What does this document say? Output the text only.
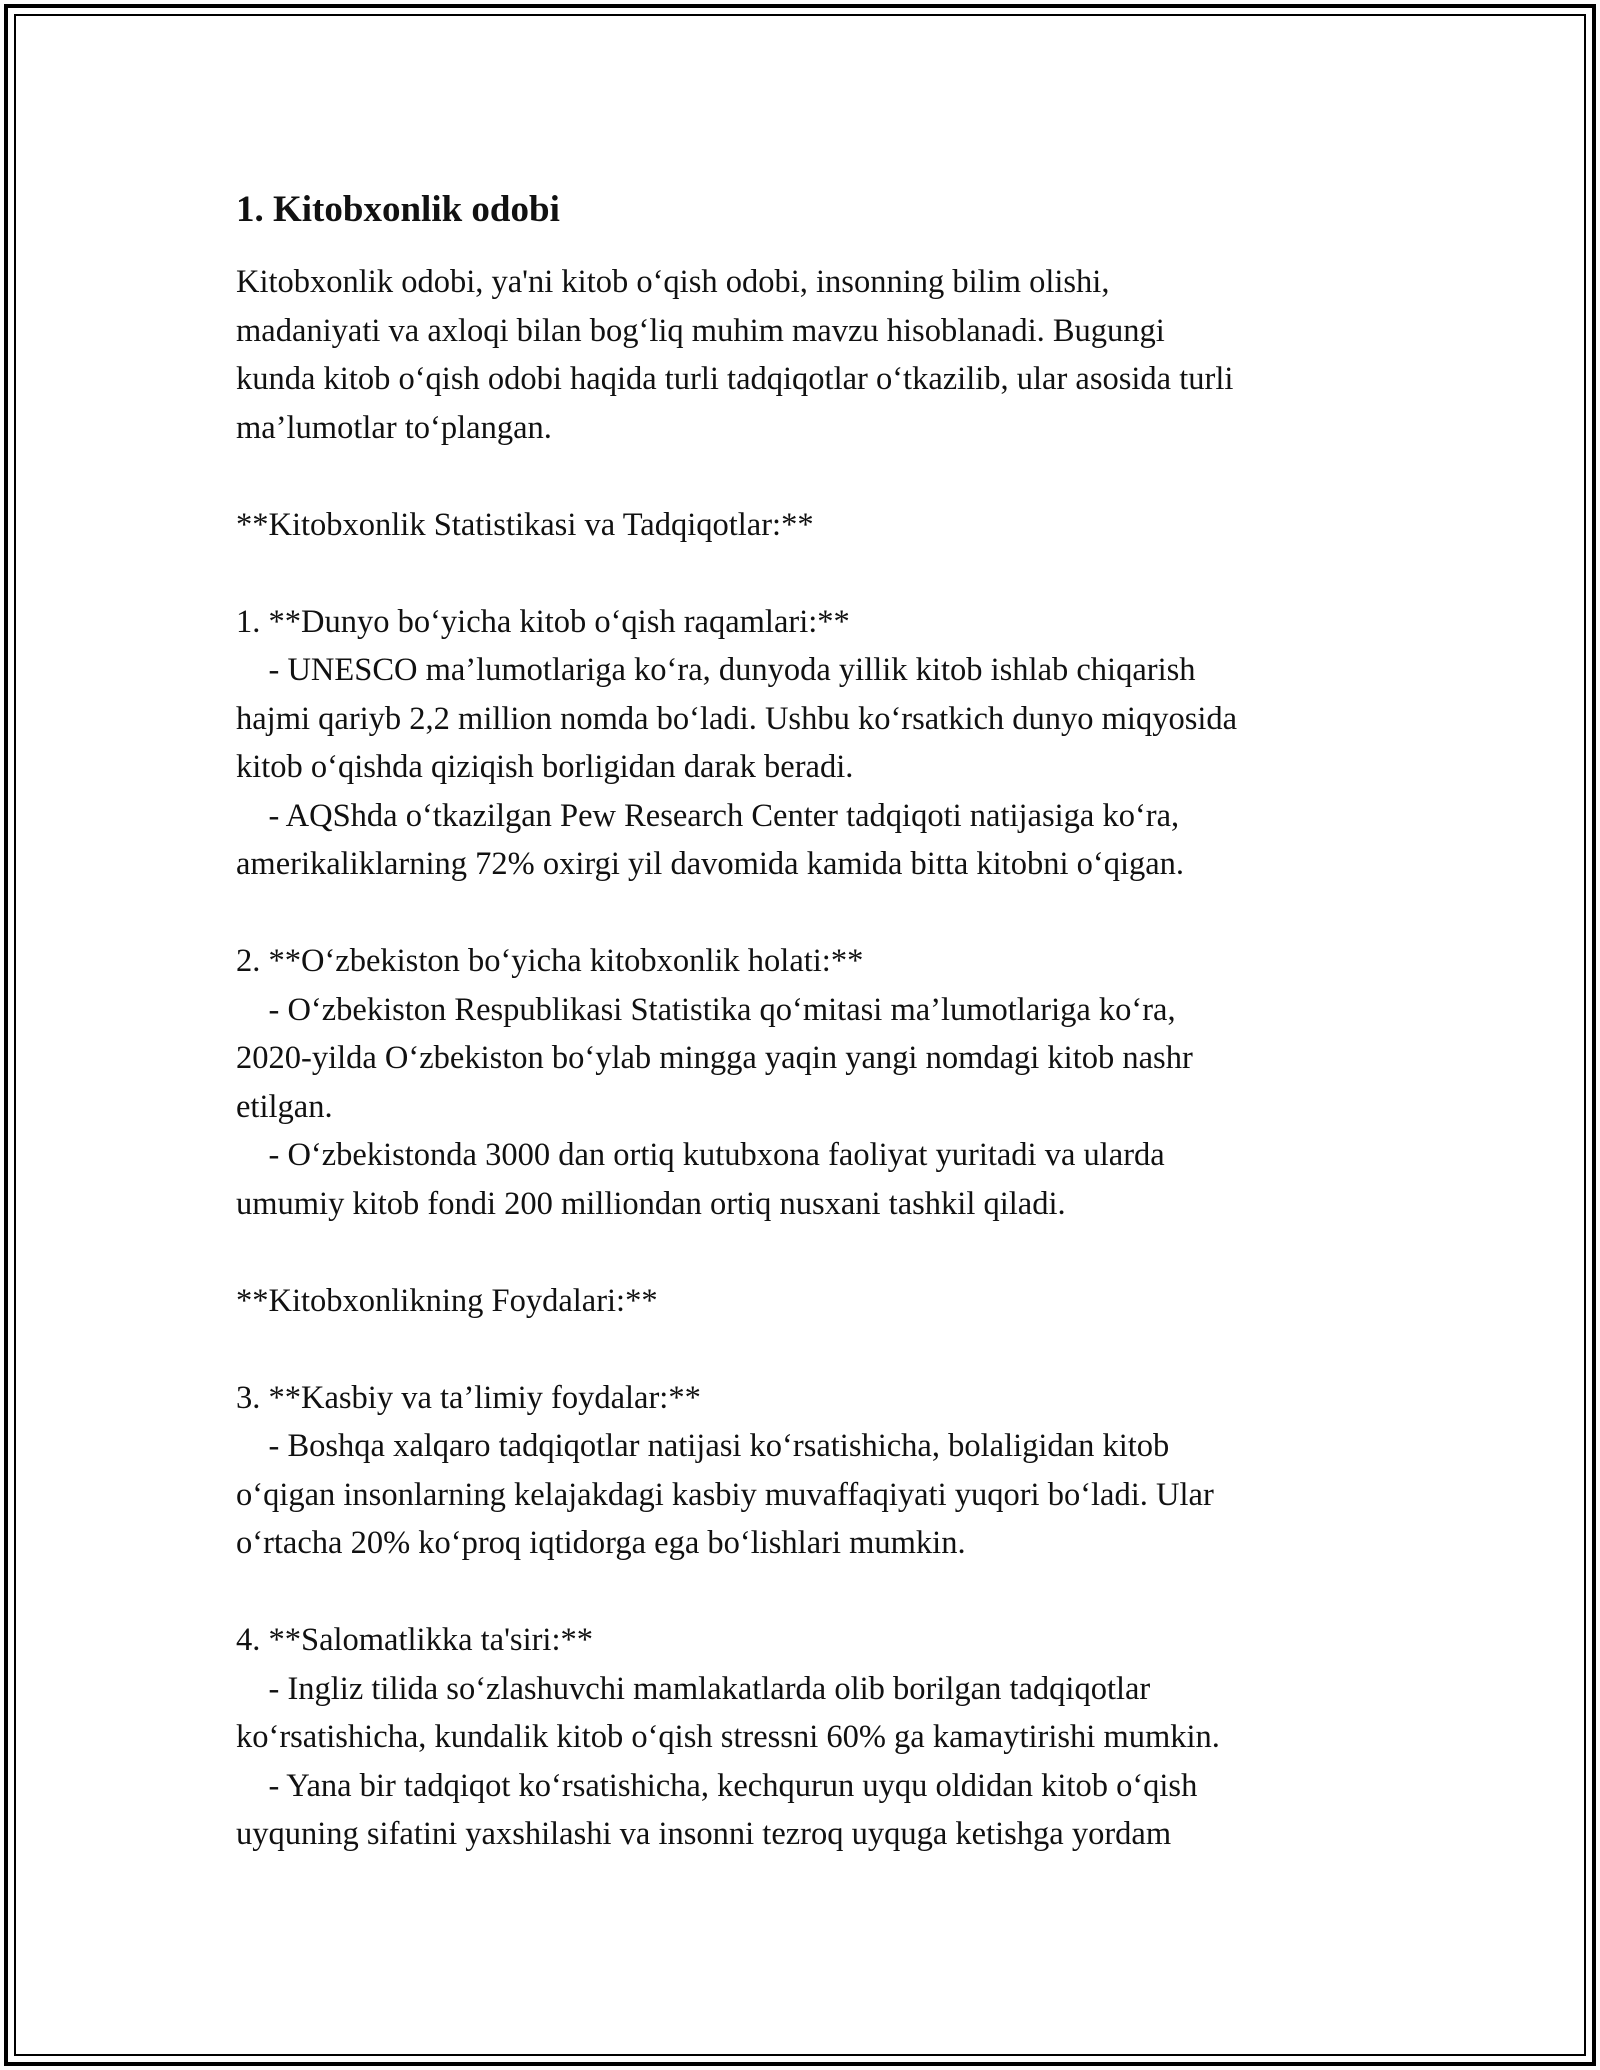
1. Kitobxonlik odobi

Kitobxonlik odobi, ya'ni kitob o‘qish odobi, insonning bilim olishi,

madaniyati va axloqi bilan bog‘liq muhim mavzu hisoblanadi. Bugungi

kunda kitob o‘qish odobi haqida turli tadqiqotlar o‘tkazilib, ular asosida turli

ma’lumotlar to‘plangan.

**Kitobxonlik Statistikasi va Tadqiqotlar:**

1. **Dunyo bo‘yicha kitob o‘qish raqamlari:**

- UNESCO ma’lumotlariga ko‘ra, dunyoda yillik kitob ishlab chiqarish

hajmi qariyb 2,2 million nomda bo‘ladi. Ushbu ko‘rsatkich dunyo miqyosida

kitob o‘qishda qiziqish borligidan darak beradi.

- AQShda o‘tkazilgan Pew Research Center tadqiqoti natijasiga ko‘ra,

amerikaliklarning 72% oxirgi yil davomida kamida bitta kitobni o‘qigan.

2. **O‘zbekiston bo‘yicha kitobxonlik holati:**

- O‘zbekiston Respublikasi Statistika qo‘mitasi ma’lumotlariga ko‘ra,

2020-yilda O‘zbekiston bo‘ylab mingga yaqin yangi nomdagi kitob nashr

etilgan.

- O‘zbekistonda 3000 dan ortiq kutubxona faoliyat yuritadi va ularda

umumiy kitob fondi 200 milliondan ortiq nusxani tashkil qiladi.

**Kitobxonlikning Foydalari:**

3. **Kasbiy va ta’limiy foydalar:**

- Boshqa xalqaro tadqiqotlar natijasi ko‘rsatishicha, bolaligidan kitob

o‘qigan insonlarning kelajakdagi kasbiy muvaffaqiyati yuqori bo‘ladi. Ular

o‘rtacha 20% ko‘proq iqtidorga ega bo‘lishlari mumkin.

4. **Salomatlikka ta'siri:**

- Ingliz tilida so‘zlashuvchi mamlakatlarda olib borilgan tadqiqotlar

ko‘rsatishicha, kundalik kitob o‘qish stressni 60% ga kamaytirishi mumkin.

- Yana bir tadqiqot ko‘rsatishicha, kechqurun uyqu oldidan kitob o‘qish

uyquning sifatini yaxshilashi va insonni tezroq uyquga ketishga yordam
